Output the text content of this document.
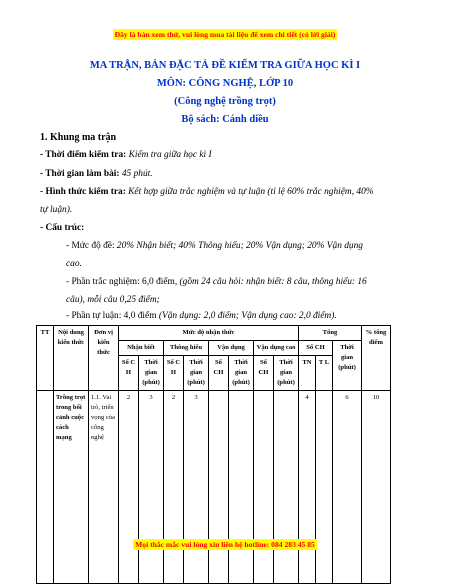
Đây là bản xem thử, vui lòng mua tài liệu để xem chi tiết (có lời giải)
MA TRẬN, BẢN ĐẶC TẢ ĐỀ KIỂM TRA GIỮA HỌC KÌ I
MÔN: CÔNG NGHỆ, LỚP 10
(Công nghệ trồng trọt)
Bộ sách: Cánh diều
1. Khung ma trận
- Thời điểm kiểm tra: Kiểm tra giữa học kì I
- Thời gian làm bài: 45 phút.
- Hình thức kiểm tra: Kết hợp giữa trắc nghiệm và tự luận (tỉ lệ 60% trắc nghiệm, 40%
tự luận).
- Cấu trúc:
- Mức độ đề: 20% Nhận biết; 40% Thông hiểu; 20% Vận dụng; 20% Vận dụng
cao.
- Phần trắc nghiệm: 6,0 điểm, (gồm 24 câu hỏi: nhận biết: 8 câu, thông hiểu: 16
câu), mỗi câu 0,25 điểm;
- Phần tự luận: 4,0 điểm (Vận dụng: 2,0 điểm; Vận dụng cao: 2,0 điểm).
TT	Nội dung kiến thức	Đơn vị kiến thức	Mức độ nhận thức								Tổng			% tổng điểm
			Nhận biết		Thông hiểu		Vận dụng		Vận dụng cao		Số CH		Thời gian (phút)	
			Số C H	Thời gian (phút)	Số C H	Thời gian (phút)	Số CH	Thời gian (phút)	Số CH	Thời gian (phút)	TN	T L		
	Trồng trọt trong bối cảnh cuộc cách mạng	1.1. Vai trò, triển vọng của công nghệ	2	3	2	3					4		6	10
Mọi thắc mắc vui lòng xin liên hệ hotline: 084 283 45 85
